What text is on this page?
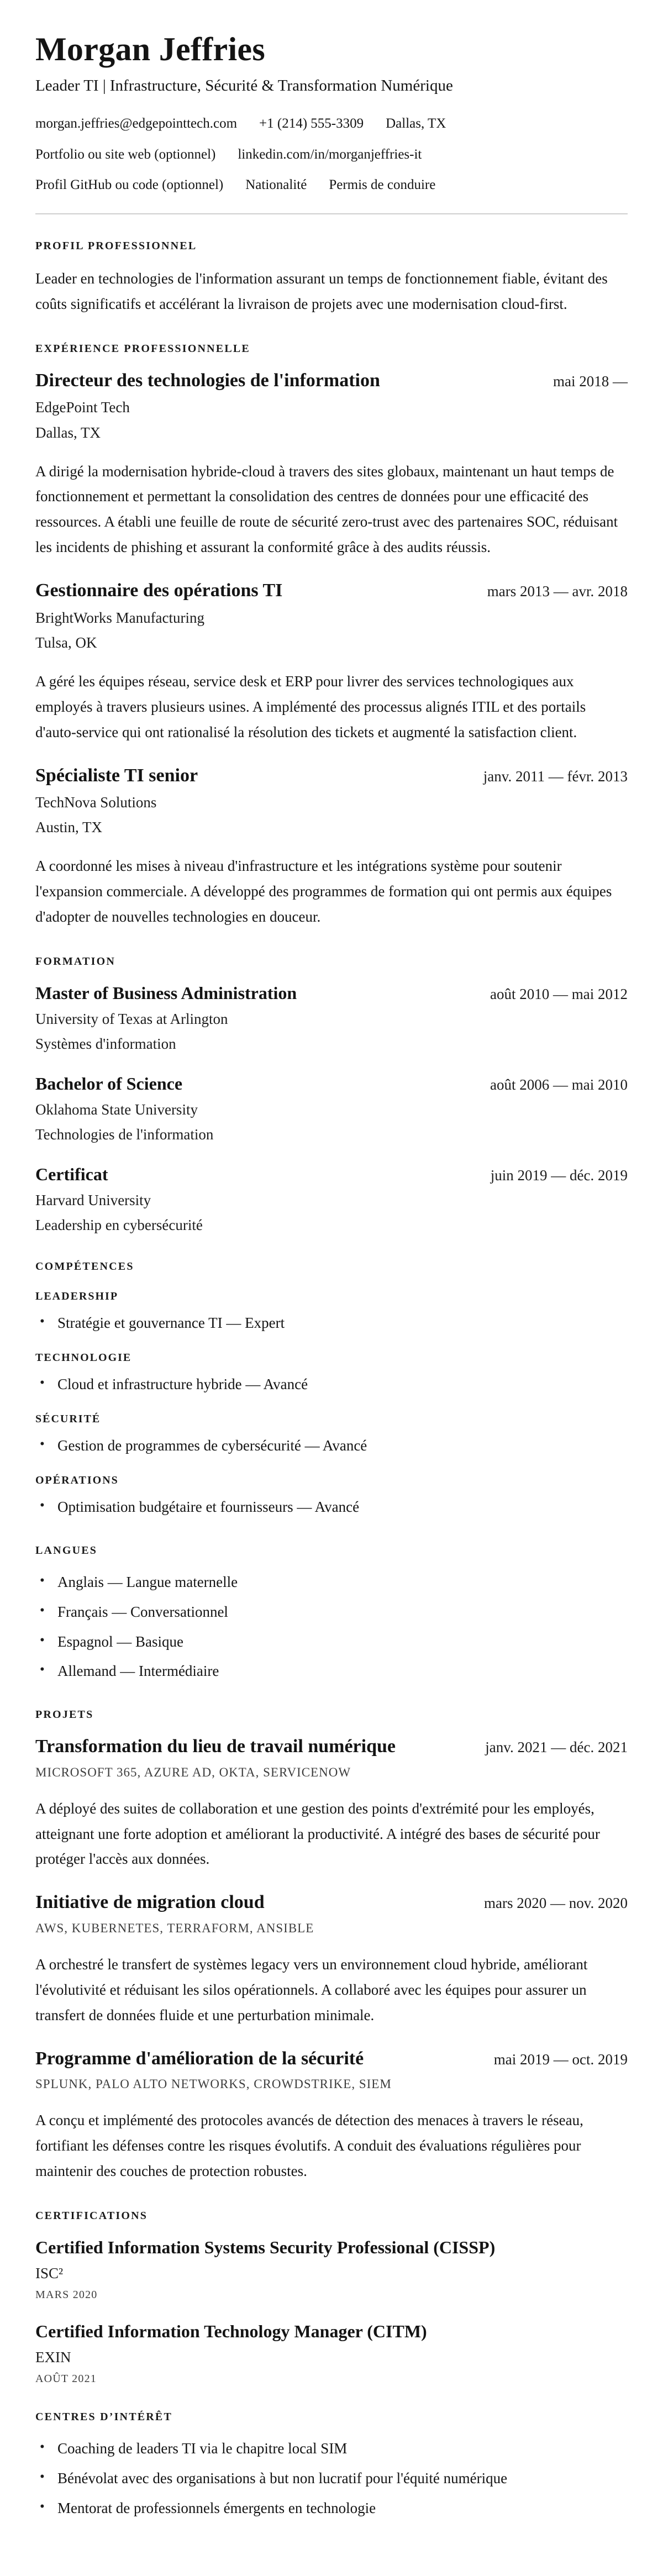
Morgan Jeffries
Leader TI | Infrastructure, Sécurité & Transformation Numérique
morgan.jeffries@edgepointtech.com +1 (214) 555-3309 Dallas, TX
Portfolio ou site web (optionnel) linkedin.com/in/morganjeffries-it
Profil GitHub ou code (optionnel) Nationalité Permis de conduire
PROFIL PROFESSIONNEL

Leader en technologies de l'information assurant un temps de fonctionnement fiable, évitant des coûts significatifs et accélérant la livraison de projets avec une modernisation cloud-first.

EXPÉRIENCE PROFESSIONNELLE
Directeur des technologies de l'information	mai 2018 —
EdgePoint Tech
Dallas, TX

A dirigé la modernisation hybride-cloud à travers des sites globaux, maintenant un haut temps de fonctionnement et permettant la consolidation des centres de données pour une efficacité des ressources. A établi une feuille de route de sécurité zero-trust avec des partenaires SOC, réduisant les incidents de phishing et assurant la conformité grâce à des audits réussis.

Gestionnaire des opérations TI	mars 2013 — avr. 2018
BrightWorks Manufacturing
Tulsa, OK

A géré les équipes réseau, service desk et ERP pour livrer des services technologiques aux employés à travers plusieurs usines. A implémenté des processus alignés ITIL et des portails d'auto-service qui ont rationalisé la résolution des tickets et augmenté la satisfaction client.

Spécialiste TI senior	janv. 2011 — févr. 2013
TechNova Solutions
Austin, TX

A coordonné les mises à niveau d'infrastructure et les intégrations système pour soutenir l'expansion commerciale. A développé des programmes de formation qui ont permis aux équipes d'adopter de nouvelles technologies en douceur.

FORMATION
Master of Business Administration	août 2010 — mai 2012
University of Texas at Arlington
Systèmes d'information
Bachelor of Science	août 2006 — mai 2010
Oklahoma State University
Technologies de l'information
Certificat	juin 2019 — déc. 2019
Harvard University
Leadership en cybersécurité
COMPÉTENCES
LEADERSHIP
• Stratégie et gouvernance TI — Expert
TECHNOLOGIE
• Cloud et infrastructure hybride — Avancé
SÉCURITÉ
• Gestion de programmes de cybersécurité — Avancé
OPÉRATIONS
• Optimisation budgétaire et fournisseurs — Avancé
LANGUES
• Anglais — Langue maternelle
• Français — Conversationnel
• Espagnol — Basique
• Allemand — Intermédiaire
PROJETS
Transformation du lieu de travail numérique	janv. 2021 — déc. 2021
MICROSOFT 365, AZURE AD, OKTA, SERVICENOW

A déployé des suites de collaboration et une gestion des points d'extrémité pour les employés, atteignant une forte adoption et améliorant la productivité. A intégré des bases de sécurité pour protéger l'accès aux données.

Initiative de migration cloud	mars 2020 — nov. 2020
AWS, KUBERNETES, TERRAFORM, ANSIBLE

A orchestré le transfert de systèmes legacy vers un environnement cloud hybride, améliorant l'évolutivité et réduisant les silos opérationnels. A collaboré avec les équipes pour assurer un transfert de données fluide et une perturbation minimale.

Programme d'amélioration de la sécurité	mai 2019 — oct. 2019
SPLUNK, PALO ALTO NETWORKS, CROWDSTRIKE, SIEM

A conçu et implémenté des protocoles avancés de détection des menaces à travers le réseau, fortifiant les défenses contre les risques évolutifs. A conduit des évaluations régulières pour maintenir des couches de protection robustes.

CERTIFICATIONS
Certified Information Systems Security Professional (CISSP)
ISC²
MARS 2020
Certified Information Technology Manager (CITM)
EXIN
AOÛT 2021
CENTRES D’INTÉRÊT
• Coaching de leaders TI via le chapitre local SIM
• Bénévolat avec des organisations à but non lucratif pour l'équité numérique
• Mentorat de professionnels émergents en technologie
